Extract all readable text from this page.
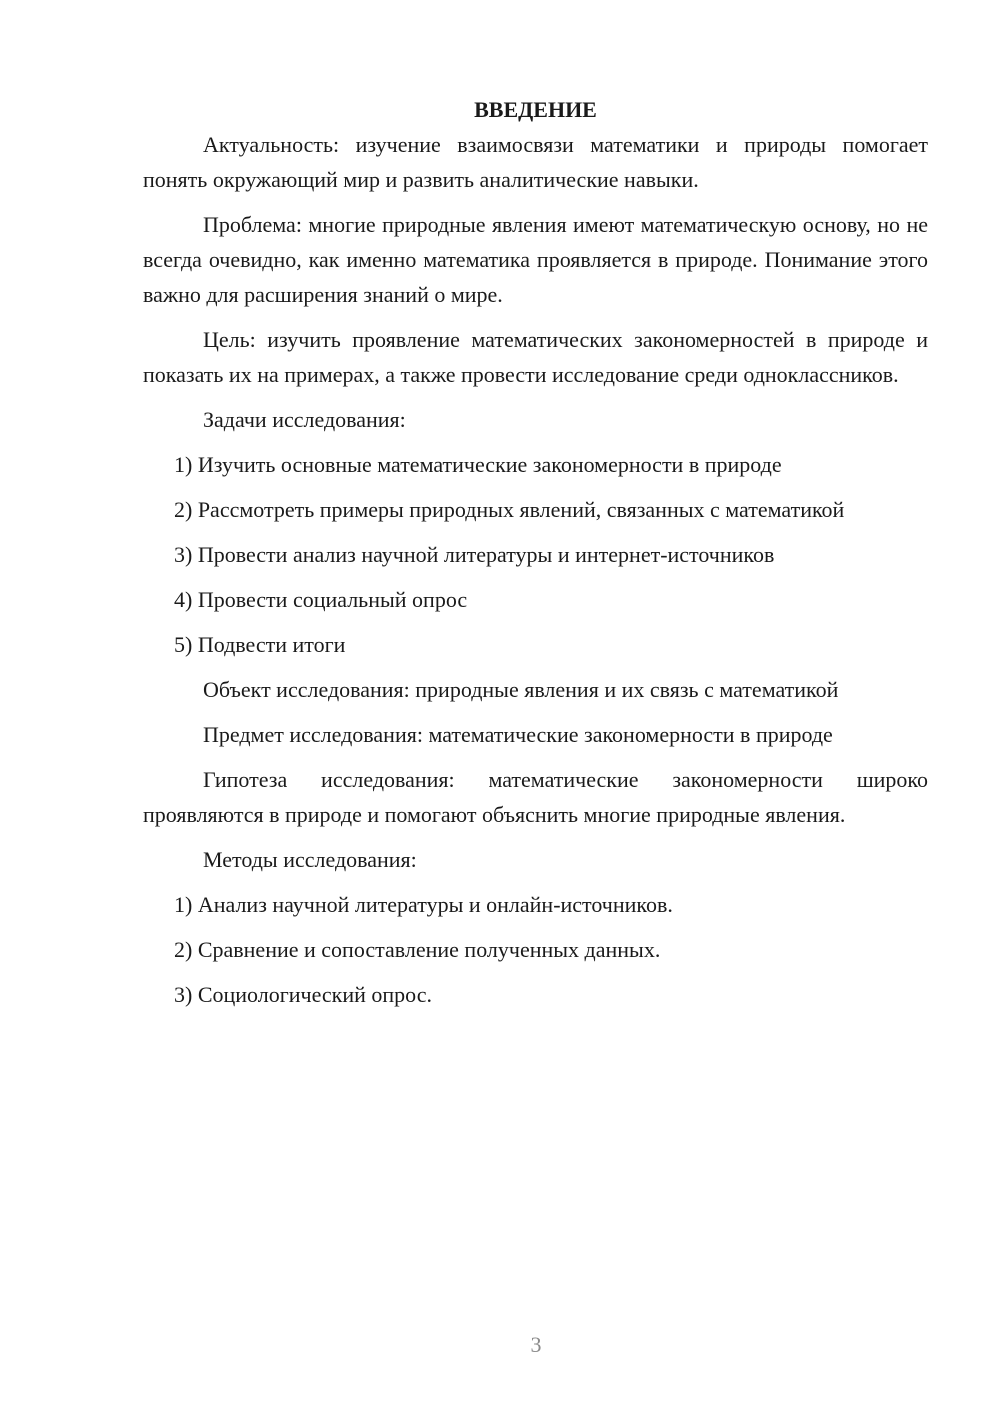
ВВЕДЕНИЕ

Актуальность: изучение взаимосвязи математики и природы помогает понять окружающий мир и развить аналитические навыки.

Проблема: многие природные явления имеют математическую основу, но не всегда очевидно, как именно математика проявляется в природе. Понимание этого важно для расширения знаний о мире.

Цель: изучить проявление математических закономерностей в природе и показать их на примерах, а также провести исследование среди одноклассников.

Задачи исследования:

1) Изучить основные математические закономерности в природе

2) Рассмотреть примеры природных явлений, связанных с математикой

3) Провести анализ научной литературы и интернет-источников

4) Провести социальный опрос

5) Подвести итоги

Объект исследования: природные явления и их связь с математикой

Предмет исследования: математические закономерности в природе

Гипотеза исследования: математические закономерности широко проявляются в природе и помогают объяснить многие природные явления.

Методы исследования:

1) Анализ научной литературы и онлайн-источников.

2) Сравнение и сопоставление полученных данных.

3) Социологический опрос.

3
